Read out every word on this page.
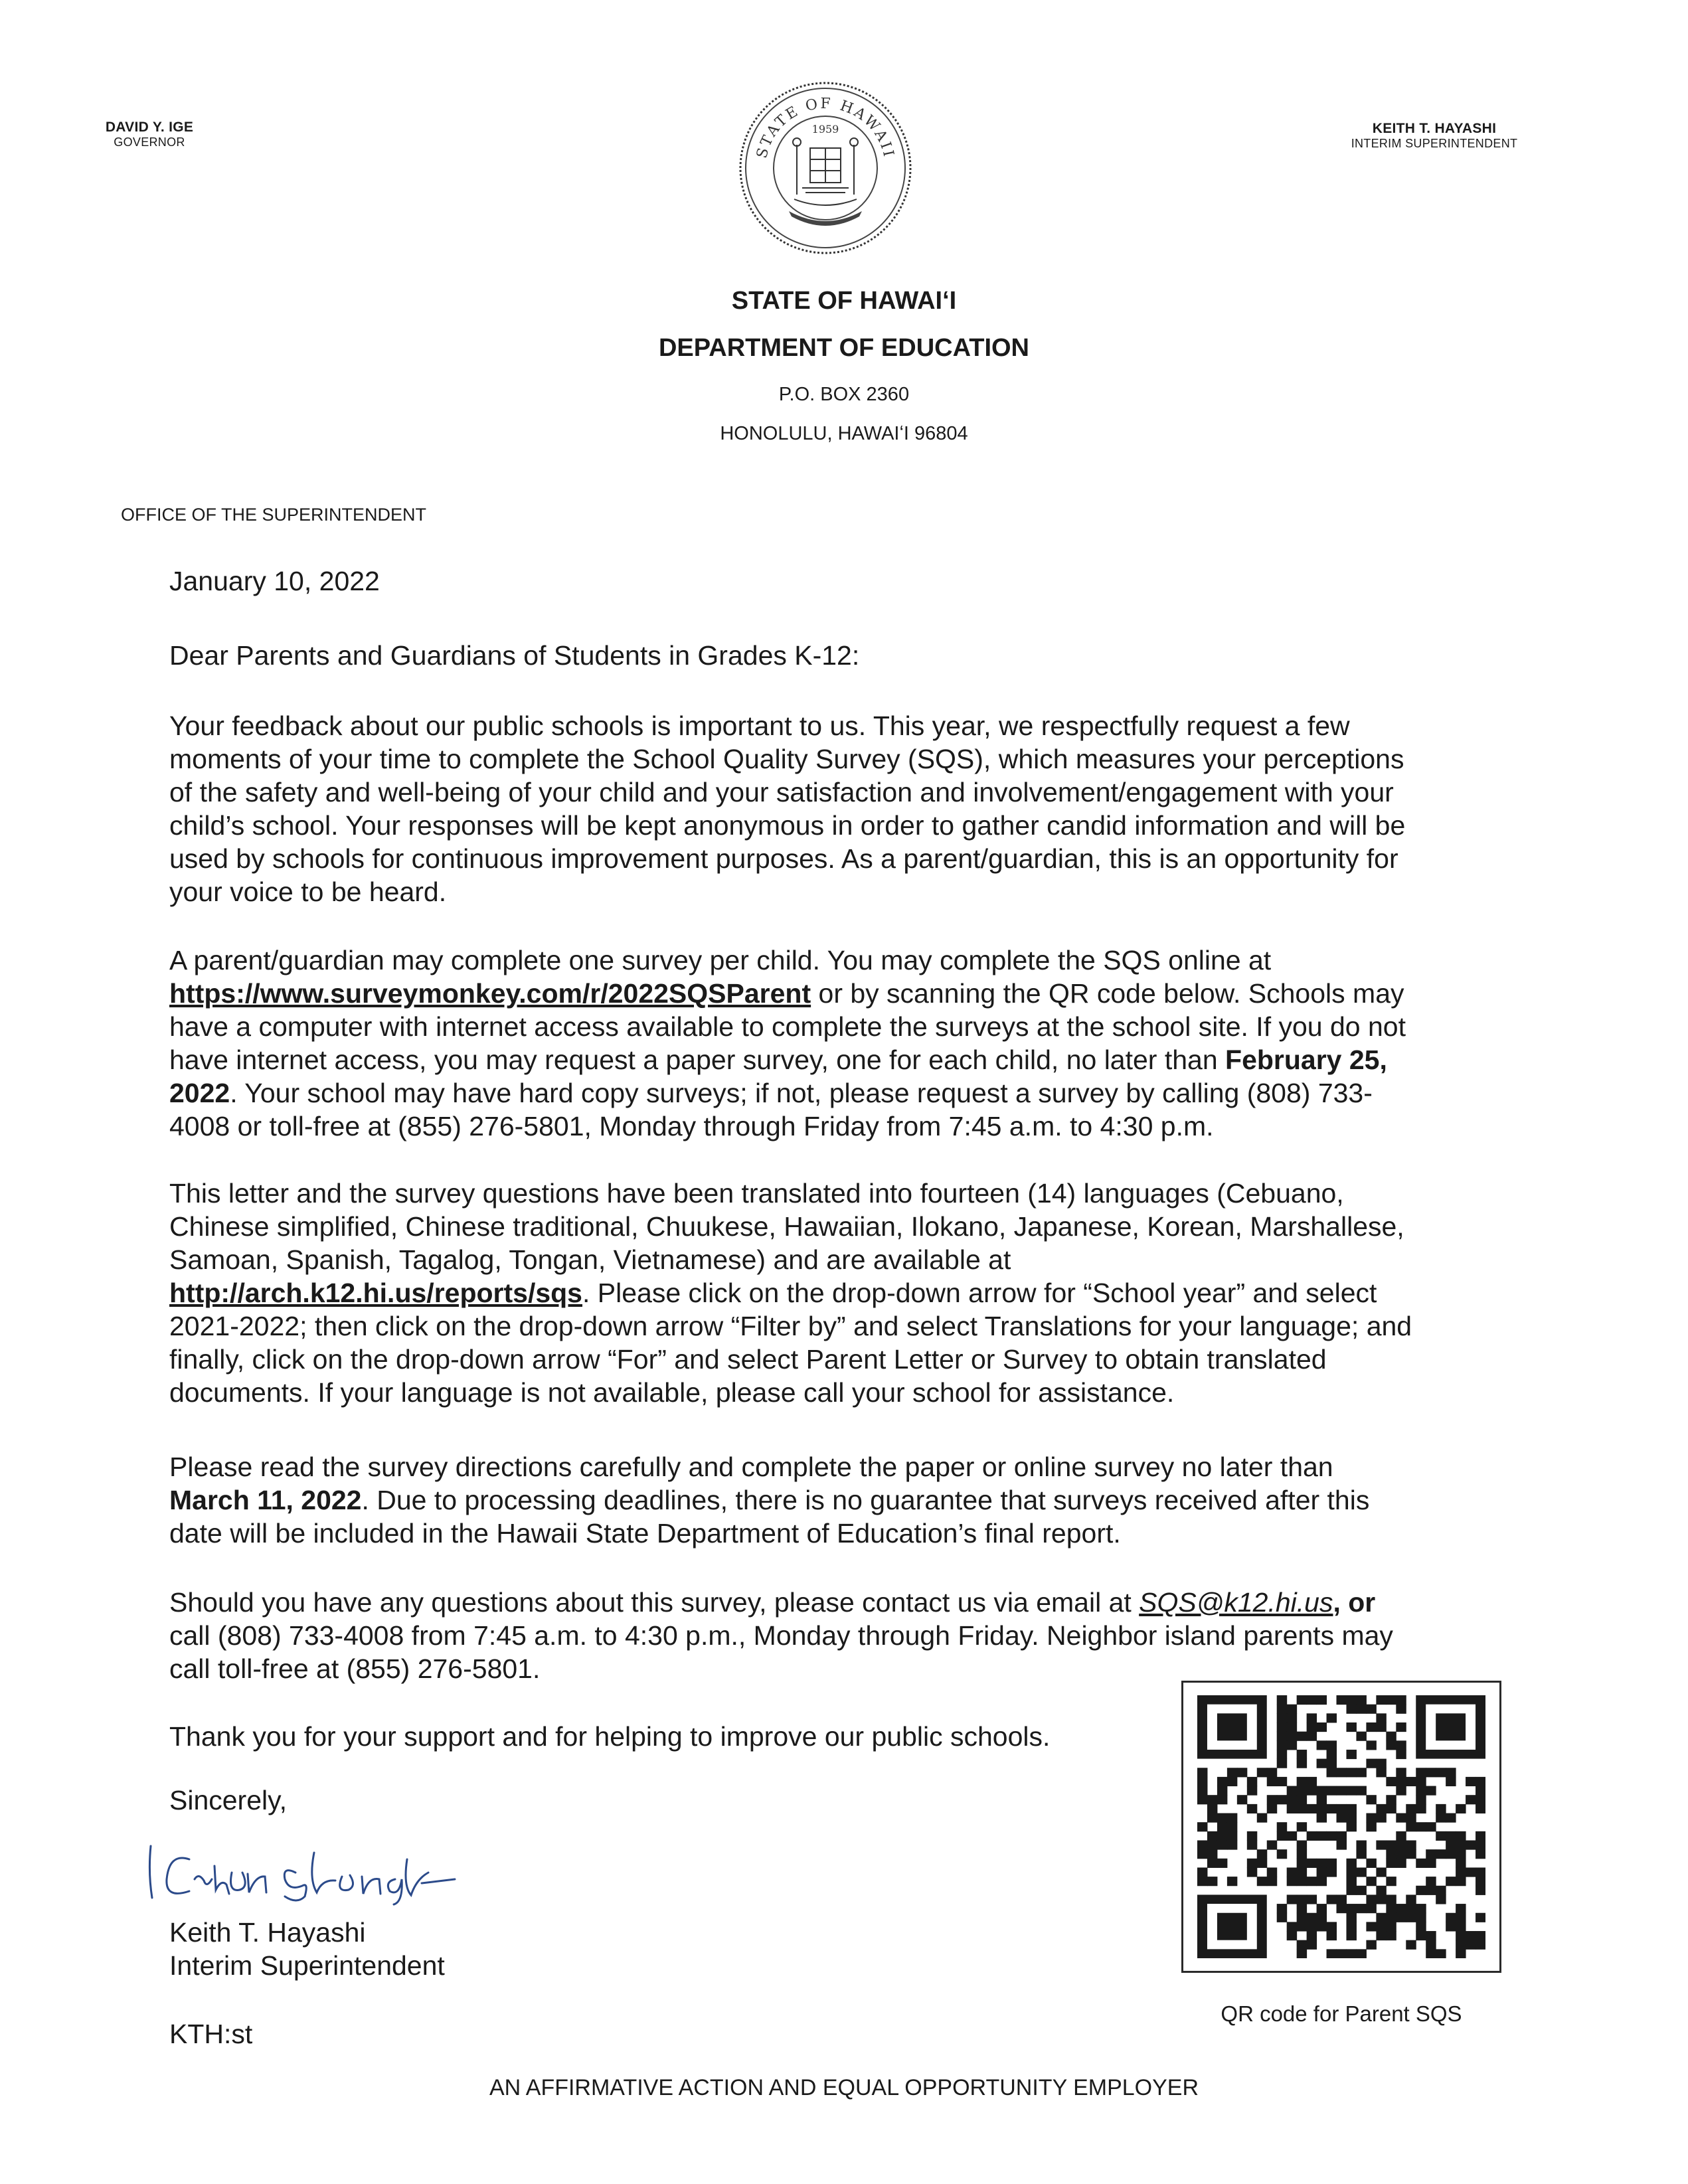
DAVID Y. IGE
GOVERNOR
KEITH T. HAYASHI
INTERIM SUPERINTENDENT
STATE OF HAWAII
1959
STATE OF HAWAIʻI
DEPARTMENT OF EDUCATION
P.O. BOX 2360
HONOLULU, HAWAIʻI 96804
OFFICE OF THE SUPERINTENDENT
January 10, 2022
Dear Parents and Guardians of Students in Grades K-12:
Your feedback about our public schools is important to us. This year, we respectfully request a few
moments of your time to complete the School Quality Survey (SQS), which measures your perceptions
of the safety and well-being of your child and your satisfaction and involvement/engagement with your
child’s school. Your responses will be kept anonymous in order to gather candid information and will be
used by schools for continuous improvement purposes. As a parent/guardian, this is an opportunity for
your voice to be heard.
A parent/guardian may complete one survey per child. You may complete the SQS online at
https://www.surveymonkey.com/r/2022SQSParent or by scanning the QR code below. Schools may
have a computer with internet access available to complete the surveys at the school site. If you do not
have internet access, you may request a paper survey, one for each child, no later than February 25,
2022. Your school may have hard copy surveys; if not, please request a survey by calling (808) 733-
4008 or toll-free at (855) 276-5801, Monday through Friday from 7:45 a.m. to 4:30 p.m.
This letter and the survey questions have been translated into fourteen (14) languages (Cebuano,
Chinese simplified, Chinese traditional, Chuukese, Hawaiian, Ilokano, Japanese, Korean, Marshallese,
Samoan, Spanish, Tagalog, Tongan, Vietnamese) and are available at
http://arch.k12.hi.us/reports/sqs. Please click on the drop-down arrow for “School year” and select
2021-2022; then click on the drop-down arrow “Filter by” and select Translations for your language; and
finally, click on the drop-down arrow “For” and select Parent Letter or Survey to obtain translated
documents. If your language is not available, please call your school for assistance.
Please read the survey directions carefully and complete the paper or online survey no later than
March 11, 2022. Due to processing deadlines, there is no guarantee that surveys received after this
date will be included in the Hawaii State Department of Education’s final report.
Should you have any questions about this survey, please contact us via email at SQS@k12.hi.us, or
call (808) 733-4008 from 7:45 a.m. to 4:30 p.m., Monday through Friday. Neighbor island parents may
call toll-free at (855) 276-5801.
Thank you for your support and for helping to improve our public schools.
Sincerely,
Keith T. Hayashi
Interim Superintendent
KTH:st
QR code for Parent SQS
AN AFFIRMATIVE ACTION AND EQUAL OPPORTUNITY EMPLOYER
